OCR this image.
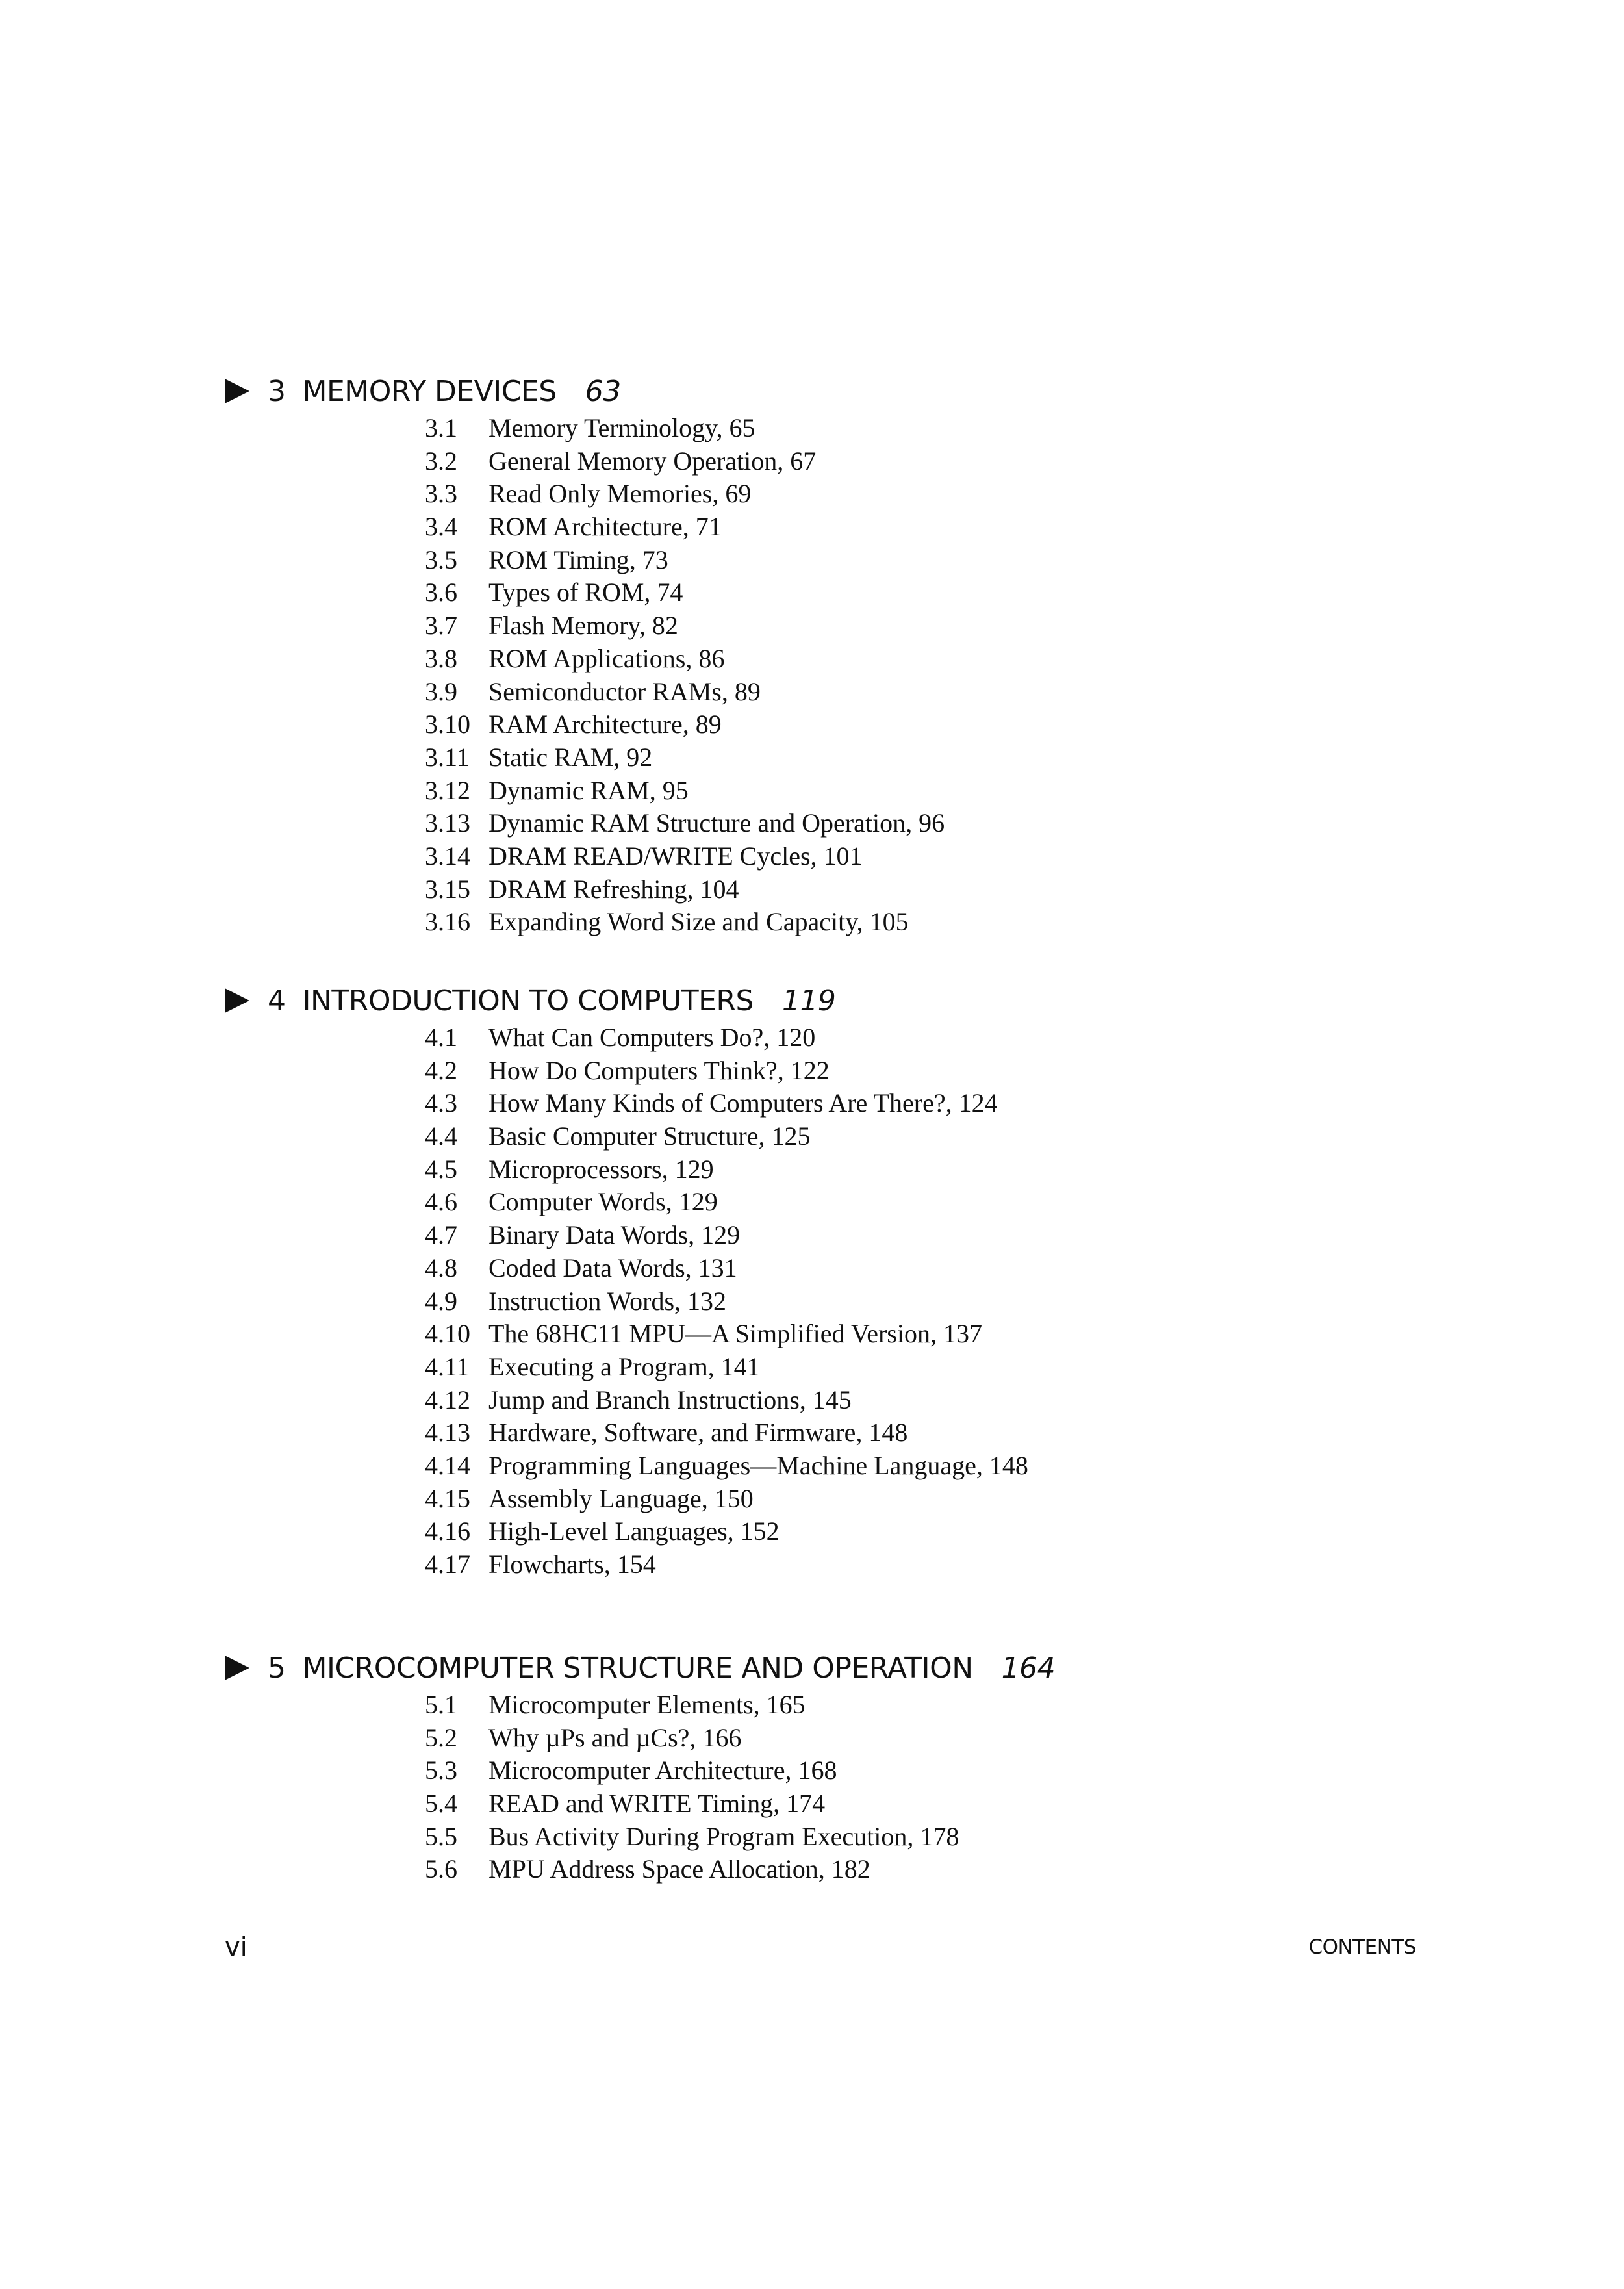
3 MEMORY DEVICES 63
3.1	Memory Terminology, 65
3.2	General Memory Operation, 67
3.3	Read Only Memories, 69
3.4	ROM Architecture, 71
3.5	ROM Timing, 73
3.6	Types of ROM, 74
3.7	Flash Memory, 82
3.8	ROM Applications, 86
3.9	Semiconductor RAMs, 89
3.10 RAM Architecture, 89
3.11 Static RAM, 92
3.12 Dynamic RAM, 95
3.13 Dynamic RAM Structure and Operation, 96
3.14 DRAM READ/WRITE Cycles, 101
3.15 DRAM Refreshing, 104
3.16 Expanding Word Size and Capacity, 105
4 INTRODUCTION TO COMPUTERS 119
4.1	What Can Computers Do?, 120
4.2	How Do Computers Think?, 122
4.3	How Many Kinds of Computers Are There?, 124
4.4	Basic Computer Structure, 125
4.5	Microprocessors, 129
4.6	Computer Words, 129
4.7	Binary Data Words, 129
4.8	Coded Data Words, 131
4.9	Instruction Words, 132
4.10 The 68HC11 MPU—A Simplified Version, 137
4.11 Executing a Program, 141
4.12 Jump and Branch Instructions, 145
4.13 Hardware, Software, and Firmware, 148
4.14 Programming Languages—Machine Language, 148
4.15 Assembly Language, 150
4.16 High-Level Languages, 152
4.17 Flowcharts, 154
5 MICROCOMPUTER STRUCTURE AND OPERATION 164
5.1	Microcomputer Elements, 165
5.2	Why µPs and µCs?, 166
5.3	Microcomputer Architecture, 168
5.4	READ and WRITE Timing, 174
5.5	Bus Activity During Program Execution, 178
5.6	MPU Address Space Allocation, 182
vi	CONTENTS
